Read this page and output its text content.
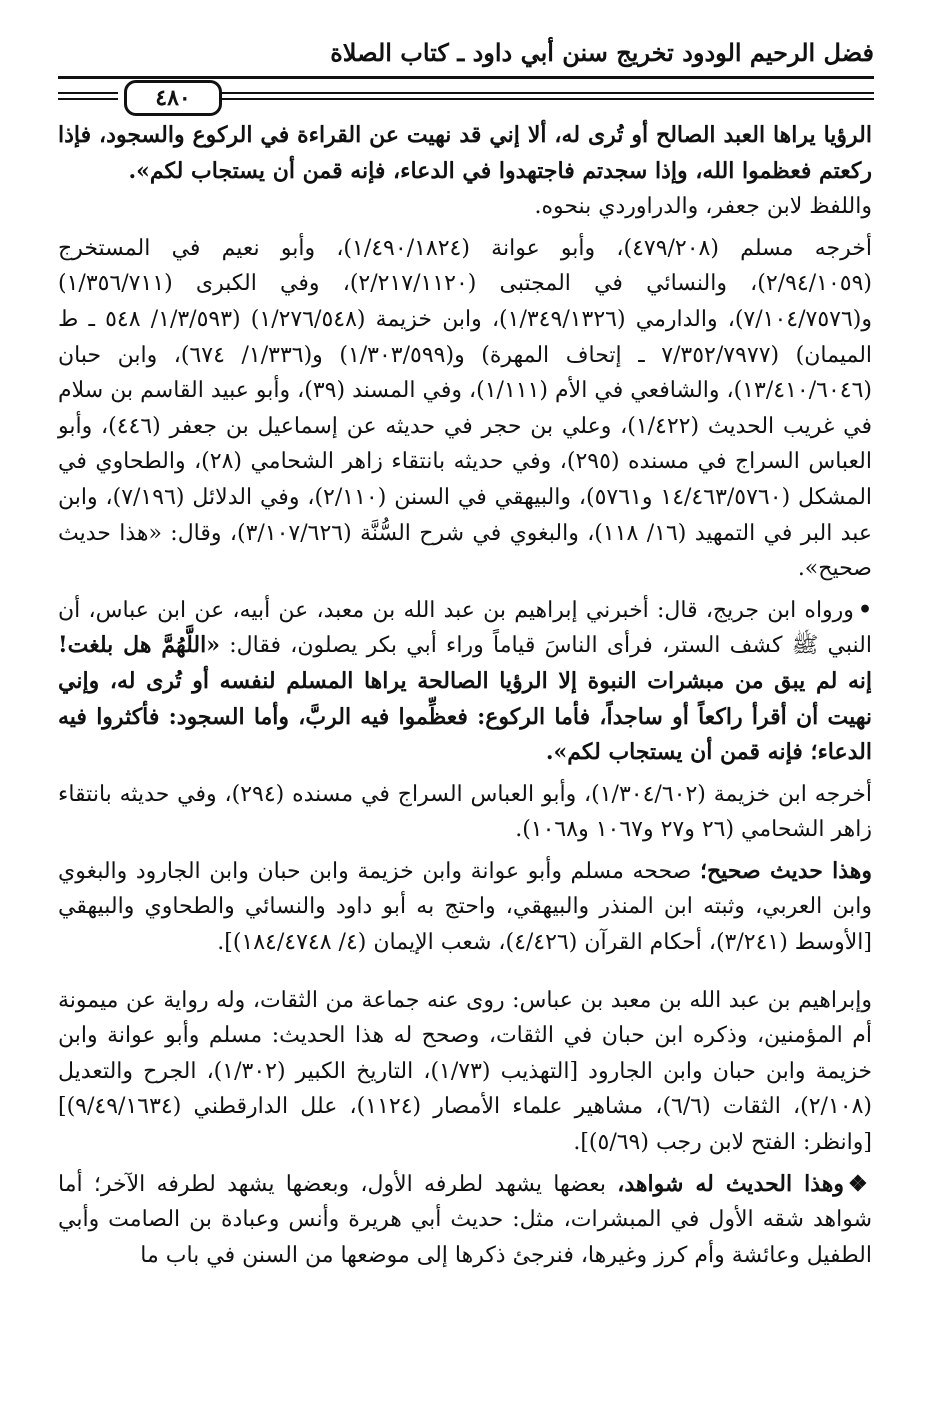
فضل الرحيم الودود تخريج سنن أبي داود ـ كتاب الصلاة
٤٨٠

الرؤيا يراها العبد الصالح أو تُرى له، ألا إني قد نهيت عن القراءة في الركوع والسجود، فإذا ركعتم فعظموا الله، وإذا سجدتم فاجتهدوا في الدعاء، فإنه قمن أن يستجاب لكم».

واللفظ لابن جعفر، والدراوردي بنحوه.

أخرجه مسلم (٤٧٩/٢٠٨)، وأبو عوانة (١/٤٩٠/١٨٢٤)، وأبو نعيم في المستخرج (٢/٩٤/١٠٥٩)، والنسائي في المجتبى (٢/٢١٧/١١٢٠)، وفي الكبرى (١/٣٥٦/٧١١) و(٧/١٠٤/٧٥٧٦)، والدارمي (١/٣٤٩/١٣٢٦)، وابن خزيمة (١/٢٧٦/٥٤٨) (١/٣/٥٩٣/ ٥٤٨ ـ ط الميمان) (٧/٣٥٢/٧٩٧٧ ـ إتحاف المهرة) و(١/٣٠٣/٥٩٩) و(١/٣٣٦/ ٦٧٤)، وابن حبان (١٣/٤١٠/٦٠٤٦)، والشافعي في الأم (١/١١١)، وفي المسند (٣٩)، وأبو عبيد القاسم بن سلام في غريب الحديث (١/٤٢٢)، وعلي بن حجر في حديثه عن إسماعيل بن جعفر (٤٤٦)، وأبو العباس السراج في مسنده (٢٩٥)، وفي حديثه بانتقاء زاهر الشحامي (٢٨)، والطحاوي في المشكل (١٤/٤٦٣/٥٧٦٠ و٥٧٦١)، والبيهقي في السنن (٢/١١٠)، وفي الدلائل (٧/١٩٦)، وابن عبد البر في التمهيد (١٦/ ١١٨)، والبغوي في شرح السُّنَّة (٣/١٠٧/٦٢٦)، وقال: «هذا حديث صحيح».

•ورواه ابن جريج، قال: أخبرني إبراهيم بن عبد الله بن معبد، عن أبيه، عن ابن عباس، أن النبي ﷺ كشف الستر، فرأى الناسَ قياماً وراء أبي بكر يصلون، فقال: «اللَّهُمَّ هل بلغت! إنه لم يبق من مبشرات النبوة إلا الرؤيا الصالحة يراها المسلم لنفسه أو تُرى له، وإني نهيت أن أقرأ راكعاً أو ساجداً، فأما الركوع: فعظِّموا فيه الربَّ، وأما السجود: فأكثروا فيه الدعاء؛ فإنه قمن أن يستجاب لكم».

أخرجه ابن خزيمة (١/٣٠٤/٦٠٢)، وأبو العباس السراج في مسنده (٢٩٤)، وفي حديثه بانتقاء زاهر الشحامي (٢٦ و٢٧ و١٠٦٧ و١٠٦٨).

وهذا حديث صحيح؛ صححه مسلم وأبو عوانة وابن خزيمة وابن حبان وابن الجارود والبغوي وابن العربي، وثبته ابن المنذر والبيهقي، واحتج به أبو داود والنسائي والطحاوي والبيهقي [الأوسط (٣/٢٤١)، أحكام القرآن (٤/٤٢٦)، شعب الإيمان (٤/ ١٨٤/٤٧٤٨)].

وإبراهيم بن عبد الله بن معبد بن عباس: روى عنه جماعة من الثقات، وله رواية عن ميمونة أم المؤمنين، وذكره ابن حبان في الثقات، وصحح له هذا الحديث: مسلم وأبو عوانة وابن خزيمة وابن حبان وابن الجارود [التهذيب (١/٧٣)، التاريخ الكبير (١/٣٠٢)، الجرح والتعديل (٢/١٠٨)، الثقات (٦/٦)، مشاهير علماء الأمصار (١١٢٤)، علل الدارقطني (٩/٤٩/١٦٣٤)] [وانظر: الفتح لابن رجب (٥/٦٩)].

❖وهذا الحديث له شواهد، بعضها يشهد لطرفه الأول، وبعضها يشهد لطرفه الآخر؛ أما شواهد شقه الأول في المبشرات، مثل: حديث أبي هريرة وأنس وعبادة بن الصامت وأبي الطفيل وعائشة وأم كرز وغيرها، فنرجئ ذكرها إلى موضعها من السنن في باب ما
